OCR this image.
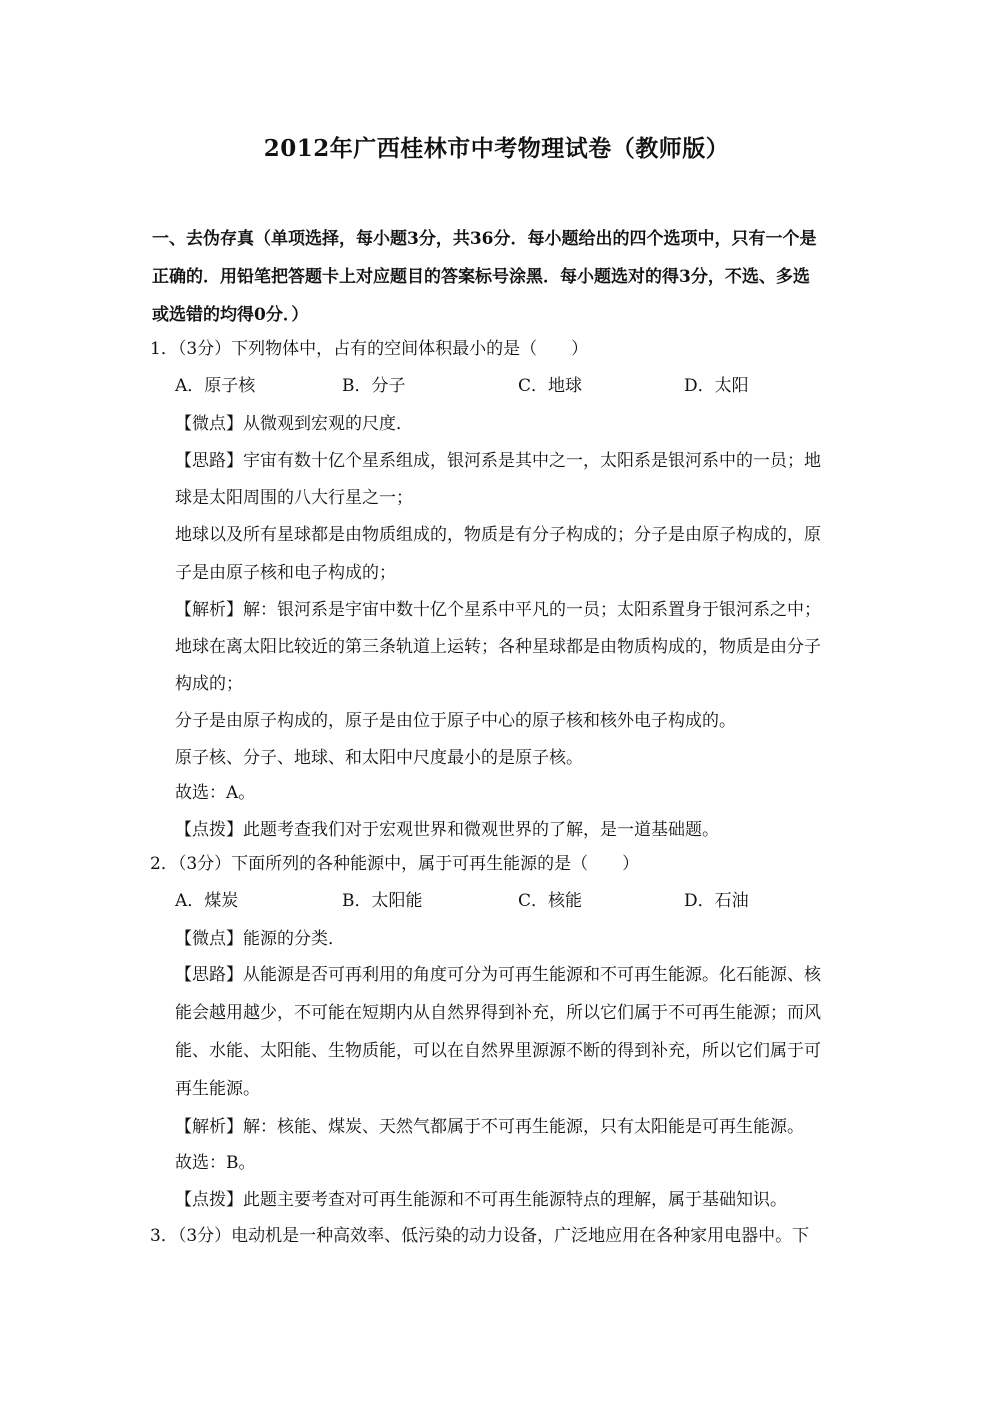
2012年广西桂林市中考物理试卷（教师版）
一、去伪存真（单项选择，每小题3分，共36分．每小题给出的四个选项中，只有一个是
正确的．用铅笔把答题卡上对应题目的答案标号涂黑．每小题选对的得3分，不选、多选
或选错的均得0分．）
1．（3分）下列物体中，占有的空间体积最小的是（　　）
A．原子核	B．分子	C．地球	D．太阳
【微点】从微观到宏观的尺度．
【思路】宇宙有数十亿个星系组成，银河系是其中之一，太阳系是银河系中的一员；地
球是太阳周围的八大行星之一；
地球以及所有星球都是由物质组成的，物质是有分子构成的；分子是由原子构成的，原
子是由原子核和电子构成的；
【解析】解：银河系是宇宙中数十亿个星系中平凡的一员；太阳系置身于银河系之中；
地球在离太阳比较近的第三条轨道上运转；各种星球都是由物质构成的，物质是由分子
构成的；
分子是由原子构成的，原子是由位于原子中心的原子核和核外电子构成的。
原子核、分子、地球、和太阳中尺度最小的是原子核。
故选：A。
【点拨】此题考查我们对于宏观世界和微观世界的了解，是一道基础题。
2．（3分）下面所列的各种能源中，属于可再生能源的是（　　）
A．煤炭	B．太阳能	C．核能	D．石油
【微点】能源的分类．
【思路】从能源是否可再利用的角度可分为可再生能源和不可再生能源。化石能源、核
能会越用越少，不可能在短期内从自然界得到补充，所以它们属于不可再生能源；而风
能、水能、太阳能、生物质能，可以在自然界里源源不断的得到补充，所以它们属于可
再生能源。
【解析】解：核能、煤炭、天然气都属于不可再生能源，只有太阳能是可再生能源。
故选：B。
【点拨】此题主要考查对可再生能源和不可再生能源特点的理解，属于基础知识。
3．（3分）电动机是一种高效率、低污染的动力设备，广泛地应用在各种家用电器中。下
